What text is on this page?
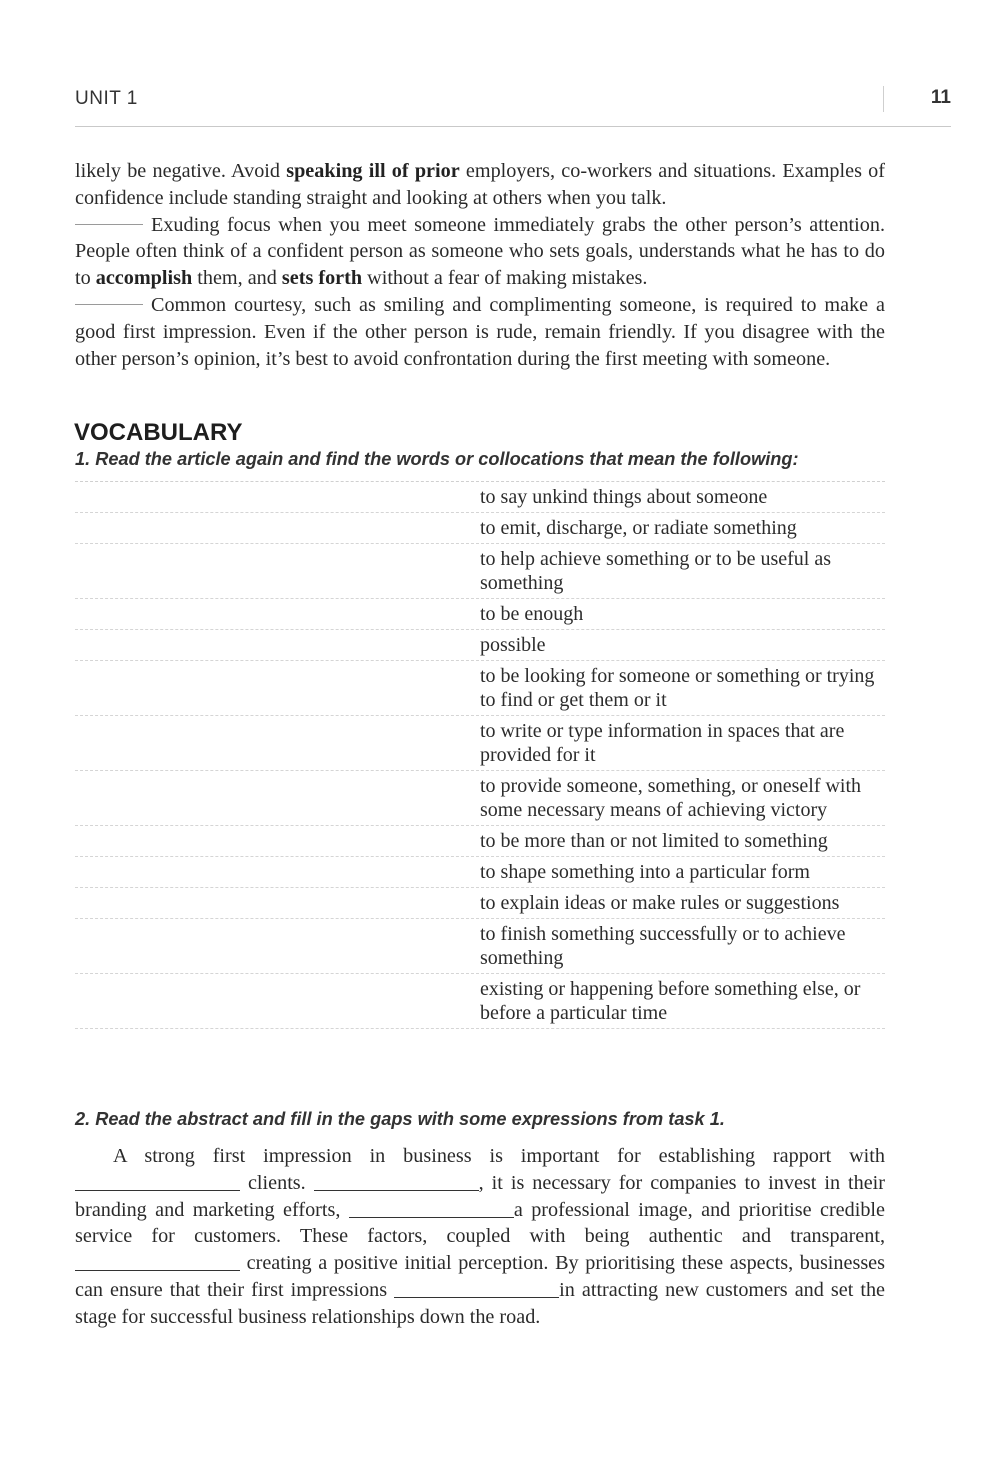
UNIT 1	11

likely be negative. Avoid speaking ill of prior employers, co-workers and situations. Examples of confidence include standing straight and looking at others when you talk.

Exuding focus when you meet someone immediately grabs the other person’s attention. People often think of a confident person as someone who sets goals, understands what he has to do to accomplish them, and sets forth without a fear of making mistakes.

Common courtesy, such as smiling and complimenting someone, is required to make a good first impression. Even if the other person is rude, remain friendly. If you disagree with the other person’s opinion, it’s best to avoid confrontation during the first meeting with someone.

VOCABULARY

1. Read the article again and find the words or collocations that mean the following:

to say unkind things about someone
to emit, discharge, or radiate something
to help achieve something or to be useful as something
to be enough
possible
to be looking for someone or something or trying to find or get them or it
to write or type information in spaces that are provided for it
to provide someone, something, or oneself with some necessary means of achieving victory
to be more than or not limited to something
to shape something into a particular form
to explain ideas or make rules or suggestions
to finish something successfully or to achieve something
existing or happening before something else, or before a particular time

2. Read the abstract and fill in the gaps with some expressions from task 1.

A strong first impression in business is important for establishing rapport with  clients.	, it is necessary for companies to invest in their branding and marketing efforts,	a professional image, and prioritise credible service for customers. These factors, coupled with being authentic and transparent,  creating a positive initial perception. By prioritising these aspects, businesses can ensure that their first impressions	in attracting new customers and set the stage for successful business relationships down the road.
